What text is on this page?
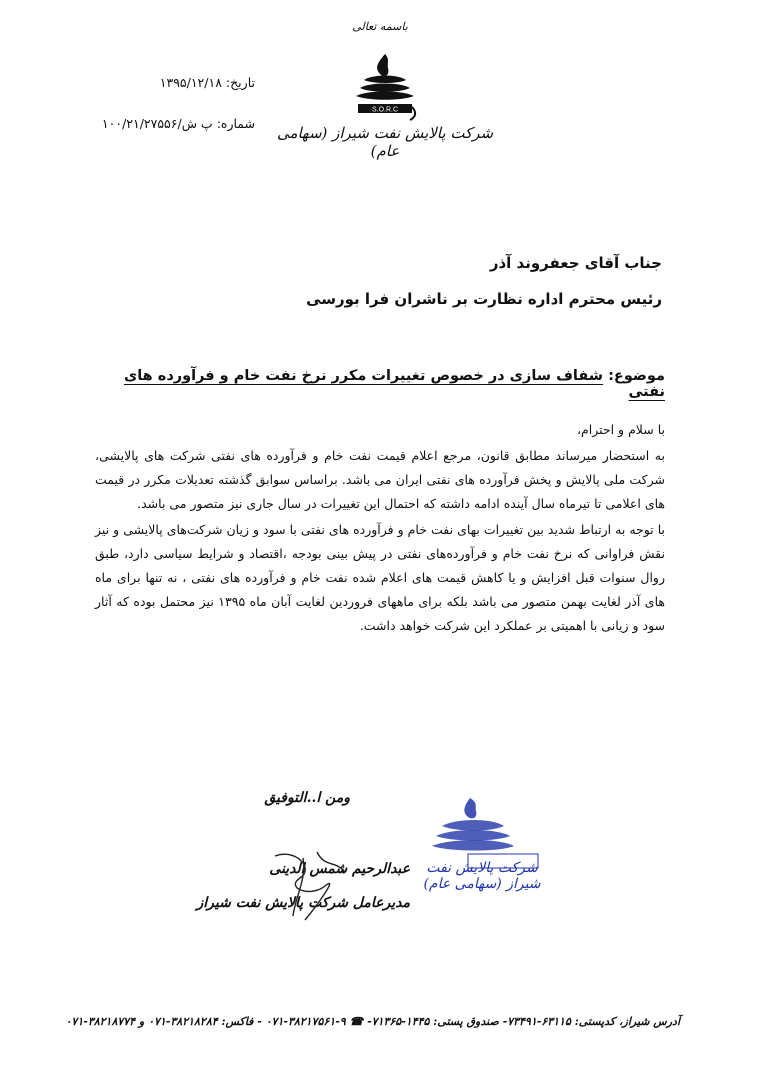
باسمه تعالی
S.O.R.C
شرکت پالایش نفت شیراز (سهامی عام)
تاریخ: ۱۳۹۵/۱۲/۱۸
شماره: پ ش/۱۰۰/۲۱/۲۷۵۵۶
جناب آقای جعفروند آذر
رئیس محترم اداره نظارت بر ناشران فرا بورسی
موضوع: شفاف سازی در خصوص تغییرات مکرر نرخ نفت خام و فرآورده های نفتی

با سلام و احترام،

به استحضار میرساند مطابق قانون، مرجع اعلام قیمت نفت خام و فرآورده های نفتی شرکت های پالایشی، شرکت ملی پالایش و پخش فرآورده های نفتی ایران می باشد. براساس سوابق گذشته تعدیلات مکرر در قیمت های اعلامی تا تیرماه سال آینده ادامه داشته که احتمال این تغییرات در سال جاری نیز متصور می باشد.

با توجه به ارتباط شدید بین تغییرات بهای نفت خام و فرآورده های نفتی با سود و زیان شرکت‌های پالایشی و نیز نقش فراوانی که نرخ نفت خام و فرآورده‌های نفتی در پیش بینی بودجه ،اقتصاد و شرایط سیاسی دارد، طبق روال سنوات قبل افزایش و یا کاهش قیمت های اعلام شده نفت خام و فرآورده های نفتی ، نه تنها برای ماه های آذر لغایت بهمن متصور می باشد بلکه برای ماههای فروردین لغایت آبان ماه ۱۳۹۵ نیز محتمل بوده که آثار سود و زیانی با اهمیتی بر عملکرد این شرکت خواهد داشت.

ومن ا..التوفیق
عبدالرحیم شمس الدینی
مدیرعامل شرکت پالایش نفت شیراز
شرکت پالایش نفت شیراز (سهامی عام)
آدرس شیراز، کدپستی: ۶۳۱۱۵-۷۳۴۹۱- صندوق پستی: ۱۴۴۵-۷۱۳۶۵- ☎ ۹-۳۸۲۱۷۵۶۱-۰۷۱ - فاکس: ۳۸۲۱۸۲۸۴-۰۷۱ و ۳۸۲۱۸۷۷۴-۰۷۱
